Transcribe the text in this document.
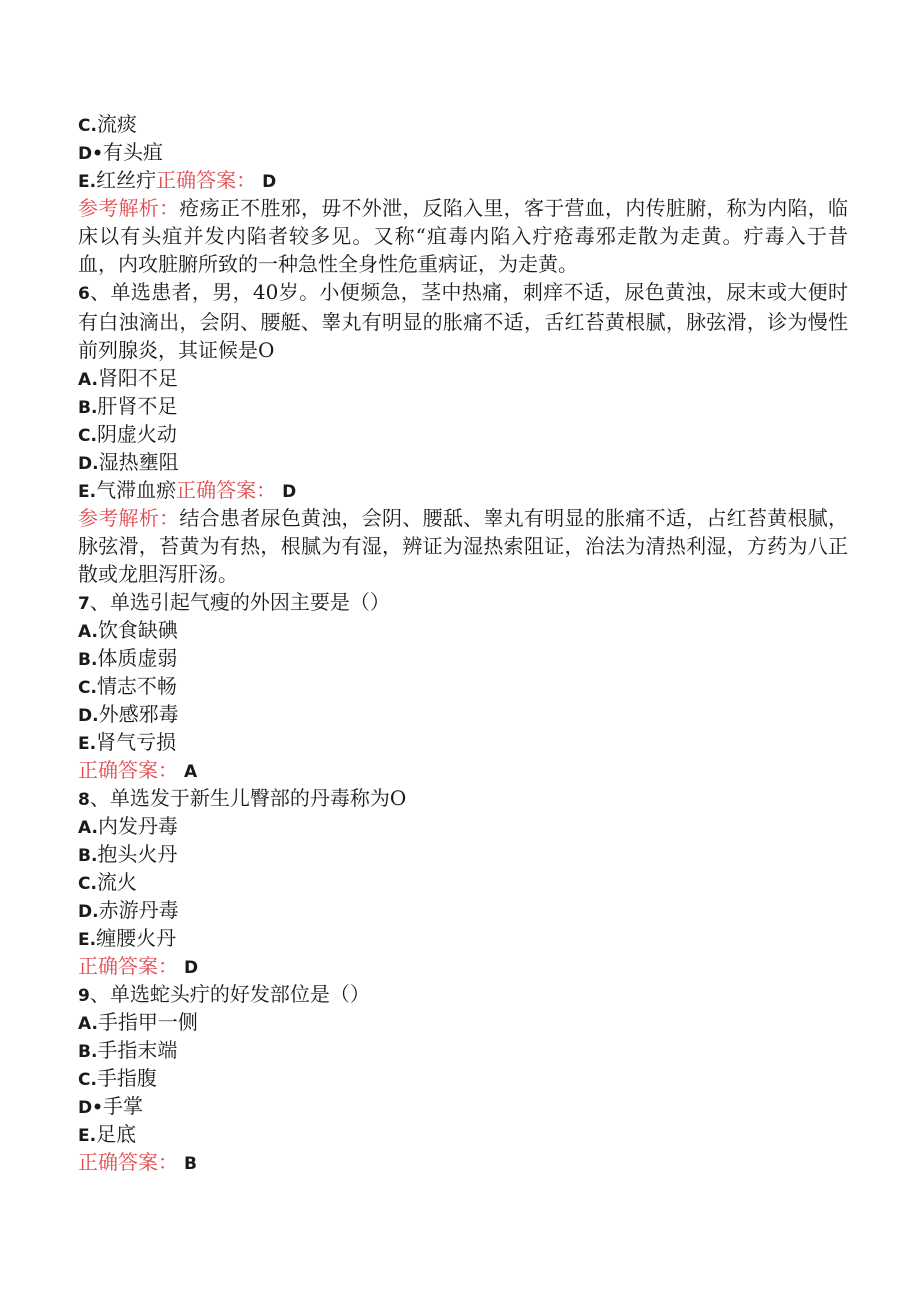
C.流痰
D•有头疽
E.红丝疔正确答案： D
参考解析：疮疡正不胜邪，毋不外泄，反陷入里，客于营血，内传脏腑，称为内陷，临床以有头疽并发内陷者较多见。又称“疽毒内陷入疔疮毒邪走散为走黄。疔毒入于昔血，内攻脏腑所致的一种急性全身性危重病证，为走黄。
6、单选患者，男，40岁。小便频急，茎中热痛，刺痒不适，尿色黄浊，尿末或大便时有白浊滴出，会阴、腰艇、睾丸有明显的胀痛不适，舌红苔黄根腻，脉弦滑，诊为慢性前列腺炎，其证候是O
A.肾阳不足
B.肝肾不足
C.阴虚火动
D.湿热壅阻
E.气滞血瘀正确答案： D
参考解析：结合患者尿色黄浊，会阴、腰舐、睾丸有明显的胀痛不适，占红苔黄根腻，脉弦滑，苔黄为有热，根腻为有湿，辨证为湿热索阻证，治法为清热利湿，方药为八正散或龙胆泻肝汤。
7、单选引起气瘦的外因主要是（）
A.饮食缺碘
B.体质虚弱
C.情志不畅
D.外感邪毒
E.肾气亏损
正确答案： A
8、单选发于新生儿臀部的丹毒称为O
A.内发丹毒
B.抱头火丹
C.流火
D.赤游丹毒
E.缠腰火丹
正确答案： D
9、单选蛇头疔的好发部位是（）
A.手指甲一侧
B.手指末端
C.手指腹
D•手掌
E.足底
正确答案： B
